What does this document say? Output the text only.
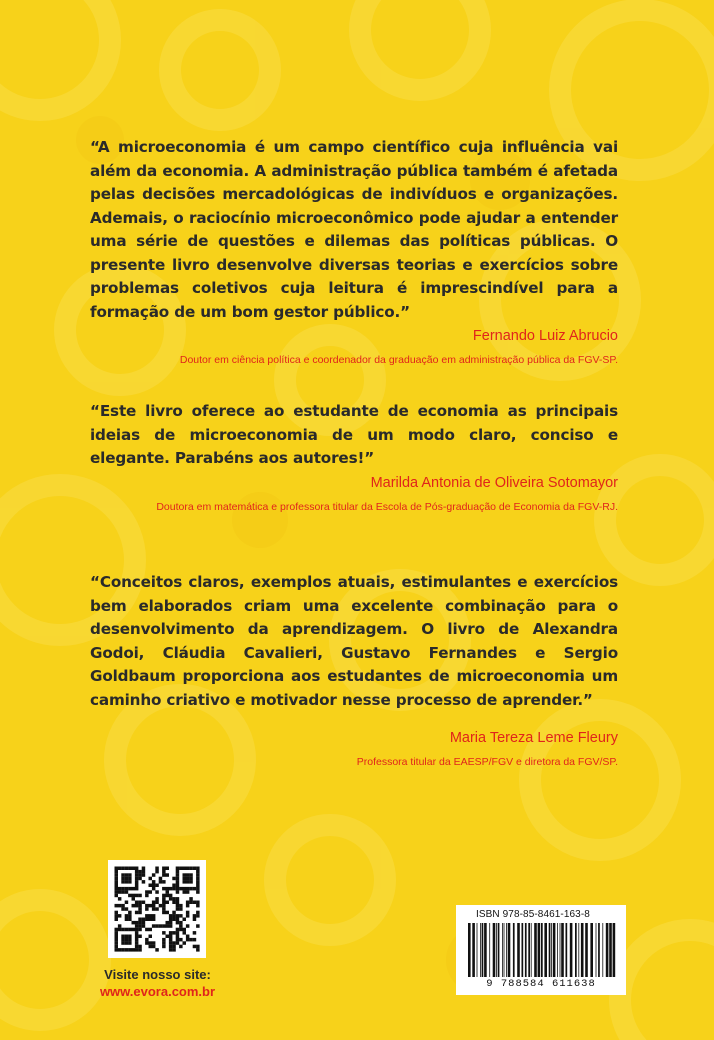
“A microeconomia é um campo científico cuja influência vai além da economia. A administração pública também é afetada pelas decisões mercadológicas de indivíduos e organizações. Ademais, o raciocínio microeconômico pode ajudar a entender uma série de questões e dilemas das políticas públicas. O presente livro desenvolve diversas teorias e exercícios sobre problemas coletivos cuja leitura é imprescindível para a formação de um bom gestor público.”

Fernando Luiz Abrucio

Doutor em ciência política e coordenador da graduação em administração pública da FGV-SP.

“Este livro oferece ao estudante de economia as principais ideias de microeconomia de um modo claro, conciso e elegante. Parabéns aos autores!”

Marilda Antonia de Oliveira Sotomayor

Doutora em matemática e professora titular da Escola de Pós-graduação de Economia da FGV-RJ.

“Conceitos claros, exemplos atuais, estimulantes e exercícios bem elaborados criam uma excelente combinação para o desenvolvimento da aprendizagem. O livro de Alexandra Godoi, Cláudia Cavalieri, Gustavo Fernandes e Sergio Goldbaum proporciona aos estudantes de microeconomia um caminho criativo e motivador nesse processo de aprender.”

Maria Tereza Leme Fleury

Professora titular da EAESP/FGV e diretora da FGV/SP.

Visite nosso site:
www.evora.com.br
ISBN 978-85-8461-163-8
9 788584 611638
